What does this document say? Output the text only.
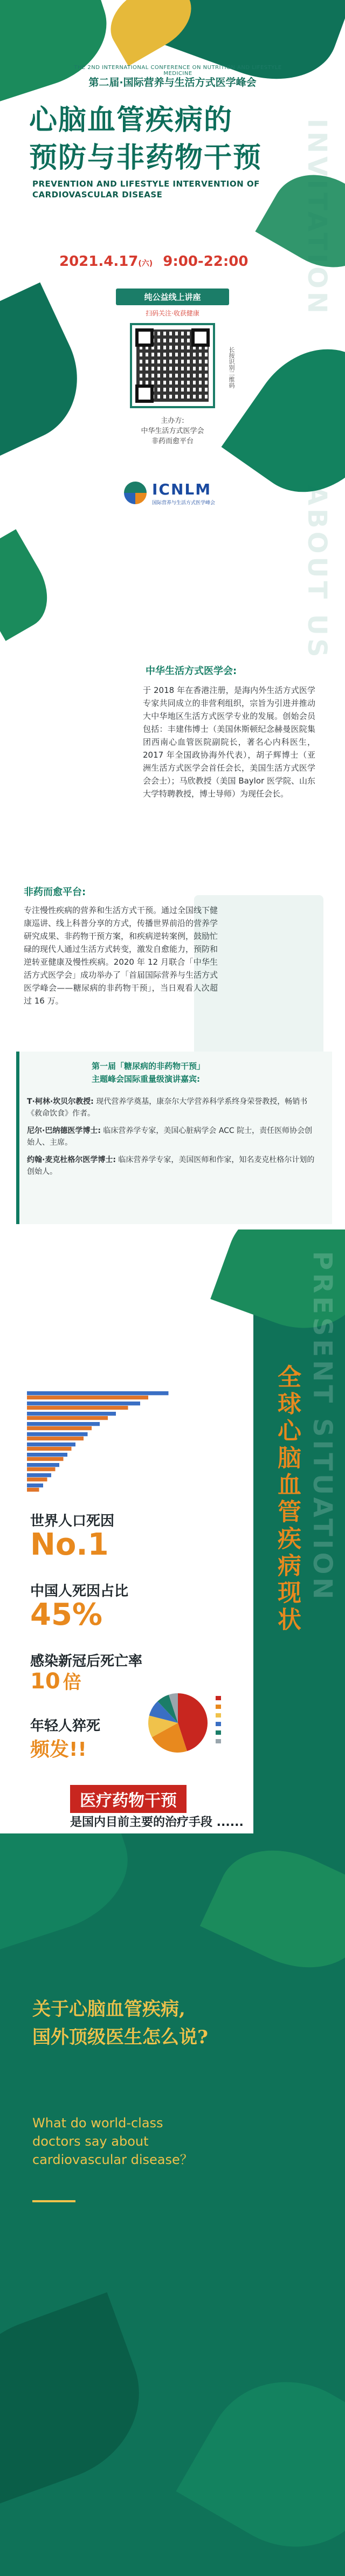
THE 2ND INTERNATIONAL CONFERENCE ON NUTRITION AND LIFESTYLE MEDICINE
第二届·国际营养与生活方式医学峰会
心脑血管疾病的
预防与非药物干预
PREVENTION AND LIFESTYLE INTERVENTION OF
CARDIOVASCULAR DISEASE
2021.4.17(六) 9:00-22:00
纯公益线上讲座
扫码关注·收获健康
长按识别二维码
主办方:
中华生活方式医学会
非药而愈平台
ICNLM
国际营养与生活方式医学峰会
INVITATION
ABOUT US
中华生活方式医学会:
于 2018 年在香港注册，是海内外生活方式医学专家共同成立的非营利组织，宗旨为引进并推动大中华地区生活方式医学专业的发展。创始会员包括：丰建伟博士（美国休斯顿纪念赫曼医院集团西南心血管医院副院长，著名心内科医生，2017 年全国政协海外代表），胡子辉博士（亚洲生活方式医学会首任会长，美国生活方式医学会会士）；马欣教授（美国 Baylor 医学院、山东大学特聘教授，博士导师）为现任会长。
非药而愈平台:
专注慢性疾病的营养和生活方式干预。通过全国线下健康巡讲、线上科普分享的方式，传播世界前沿的营养学研究成果、非药物干预方案，和疾病逆转案例，鼓励忙碌的现代人通过生活方式转变，激发自愈能力，预防和逆转亚健康及慢性疾病。2020 年 12 月联合「中华生活方式医学会」成功举办了「首届国际营养与生活方式医学峰会——糖尿病的非药物干预」，当日观看人次超过 16 万。
第一届「糖尿病的非药物干预」
主题峰会国际重量级演讲嘉宾:
T·柯林·坎贝尔教授: 现代营养学奠基，康奈尔大学营养科学系终身荣誉教授，畅销书《救命饮食》作者。
尼尔·巴纳德医学博士: 临床营养学专家，美国心脏病学会 ACC 院士，责任医师协会创始人、主席。
约翰·麦克杜格尔医学博士: 临床营养学专家，美国医师和作家，知名麦克杜格尔计划的创始人。
PRESENT SITUATION
全球心脑血管疾病现状
世界人口死因
No.1
中国人死因占比
45%
感染新冠后死亡率
10 倍
年轻人猝死
频发!!
医疗药物干预
是国内目前主要的治疗手段 ......
关于心脑血管疾病,
国外顶级医生怎么说?
What do world-class
doctors say about
cardiovascular disease？
